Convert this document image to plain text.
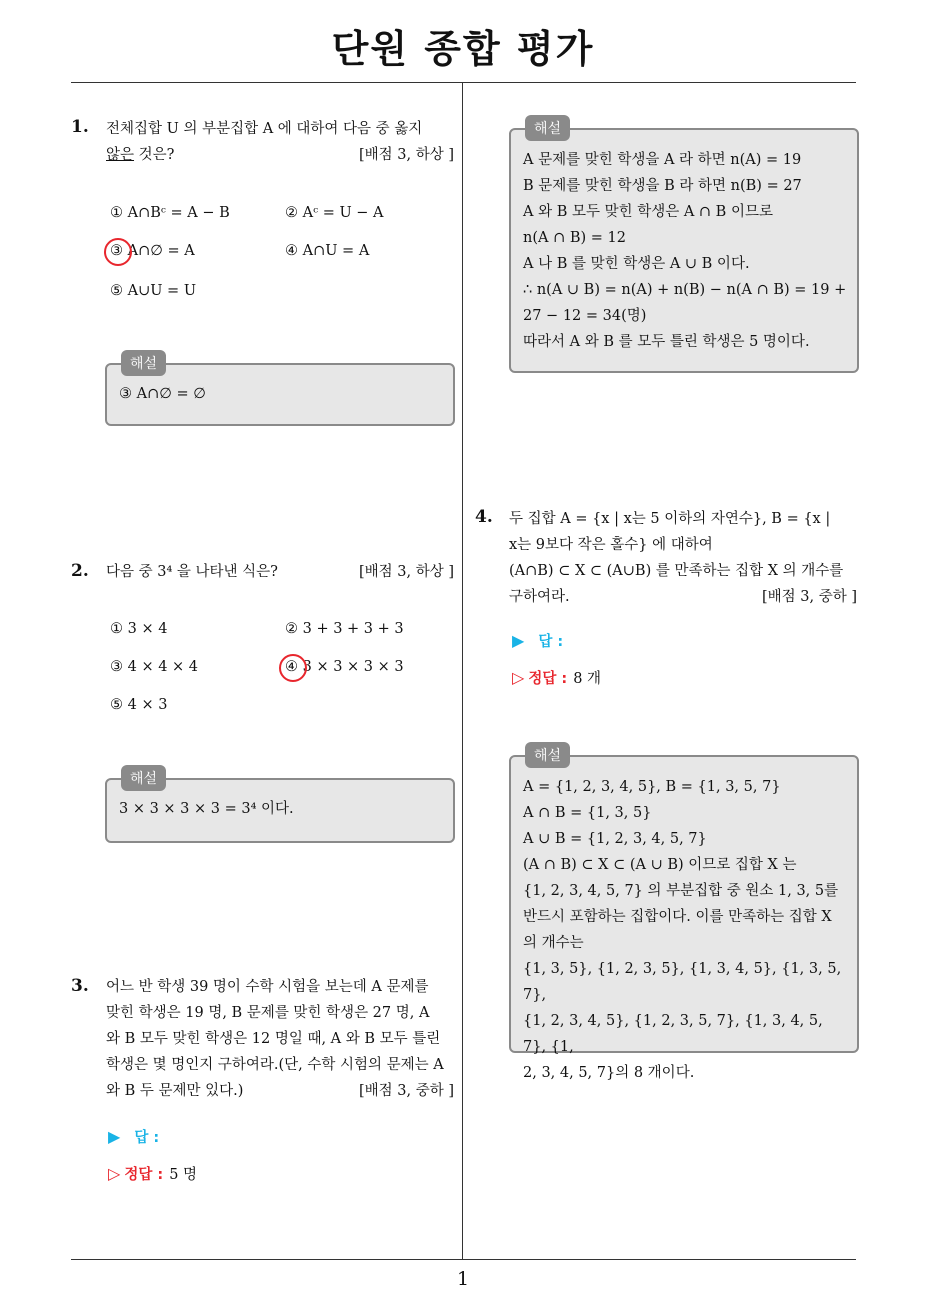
단원 종합 평가
1. 전체집합 U 의 부분집합 A 에 대하여 다음 중 옳지
않은 것은?	[배점 3, 하상 ]
① A∩Bᶜ = A − B	② Aᶜ = U − A
③ A∩∅ = A	④ A∩U = A
⑤ A∪U = U
해설
③ A∩∅ = ∅
2. 다음 중 3⁴ 을 나타낸 식은?	[배점 3, 하상 ]
① 3 × 4	② 3 + 3 + 3 + 3
③ 4 × 4 × 4	④ 3 × 3 × 3 × 3
⑤ 4 × 3
해설
3 × 3 × 3 × 3 = 3⁴ 이다.
3. 어느 반 학생 39 명이 수학 시험을 보는데 A 문제를
맞힌 학생은 19 명, B 문제를 맞힌 학생은 27 명, A
와 B 모두 맞힌 학생은 12 명일 때, A 와 B 모두 틀린
학생은 몇 명인지 구하여라.(단, 수학 시험의 문제는 A
와 B 두 문제만 있다.)	[배점 3, 중하 ]
▶ 답 :
▷ 정답 : 5 명
해설
A 문제를 맞힌 학생을 A 라 하면 n(A) = 19
B 문제를 맞힌 학생을 B 라 하면 n(B) = 27
A 와 B 모두 맞힌 학생은 A ∩ B 이므로
n(A ∩ B) = 12
A 나 B 를 맞힌 학생은 A ∪ B 이다.
∴ n(A ∪ B) = n(A) + n(B) − n(A ∩ B) = 19 +
27 − 12 = 34(명)
따라서 A 와 B 를 모두 틀린 학생은 5 명이다.
4. 두 집합 A = {x | x는 5 이하의 자연수}, B = {x |
x는 9보다 작은 홀수} 에 대하여
(A∩B) ⊂ X ⊂ (A∪B) 를 만족하는 집합 X 의 개수를
구하여라.	[배점 3, 중하 ]
▶ 답 :
▷ 정답 : 8 개
해설
A = {1, 2, 3, 4, 5}, B = {1, 3, 5, 7}
A ∩ B = {1, 3, 5}
A ∪ B = {1, 2, 3, 4, 5, 7}
(A ∩ B) ⊂ X ⊂ (A ∪ B) 이므로 집합 X 는
{1, 2, 3, 4, 5, 7} 의 부분집합 중 원소 1, 3, 5를
반드시 포함하는 집합이다. 이를 만족하는 집합 X
의 개수는
{1, 3, 5}, {1, 2, 3, 5}, {1, 3, 4, 5}, {1, 3, 5, 7},
{1, 2, 3, 4, 5}, {1, 2, 3, 5, 7}, {1, 3, 4, 5, 7}, {1,
2, 3, 4, 5, 7}의 8 개이다.
1
